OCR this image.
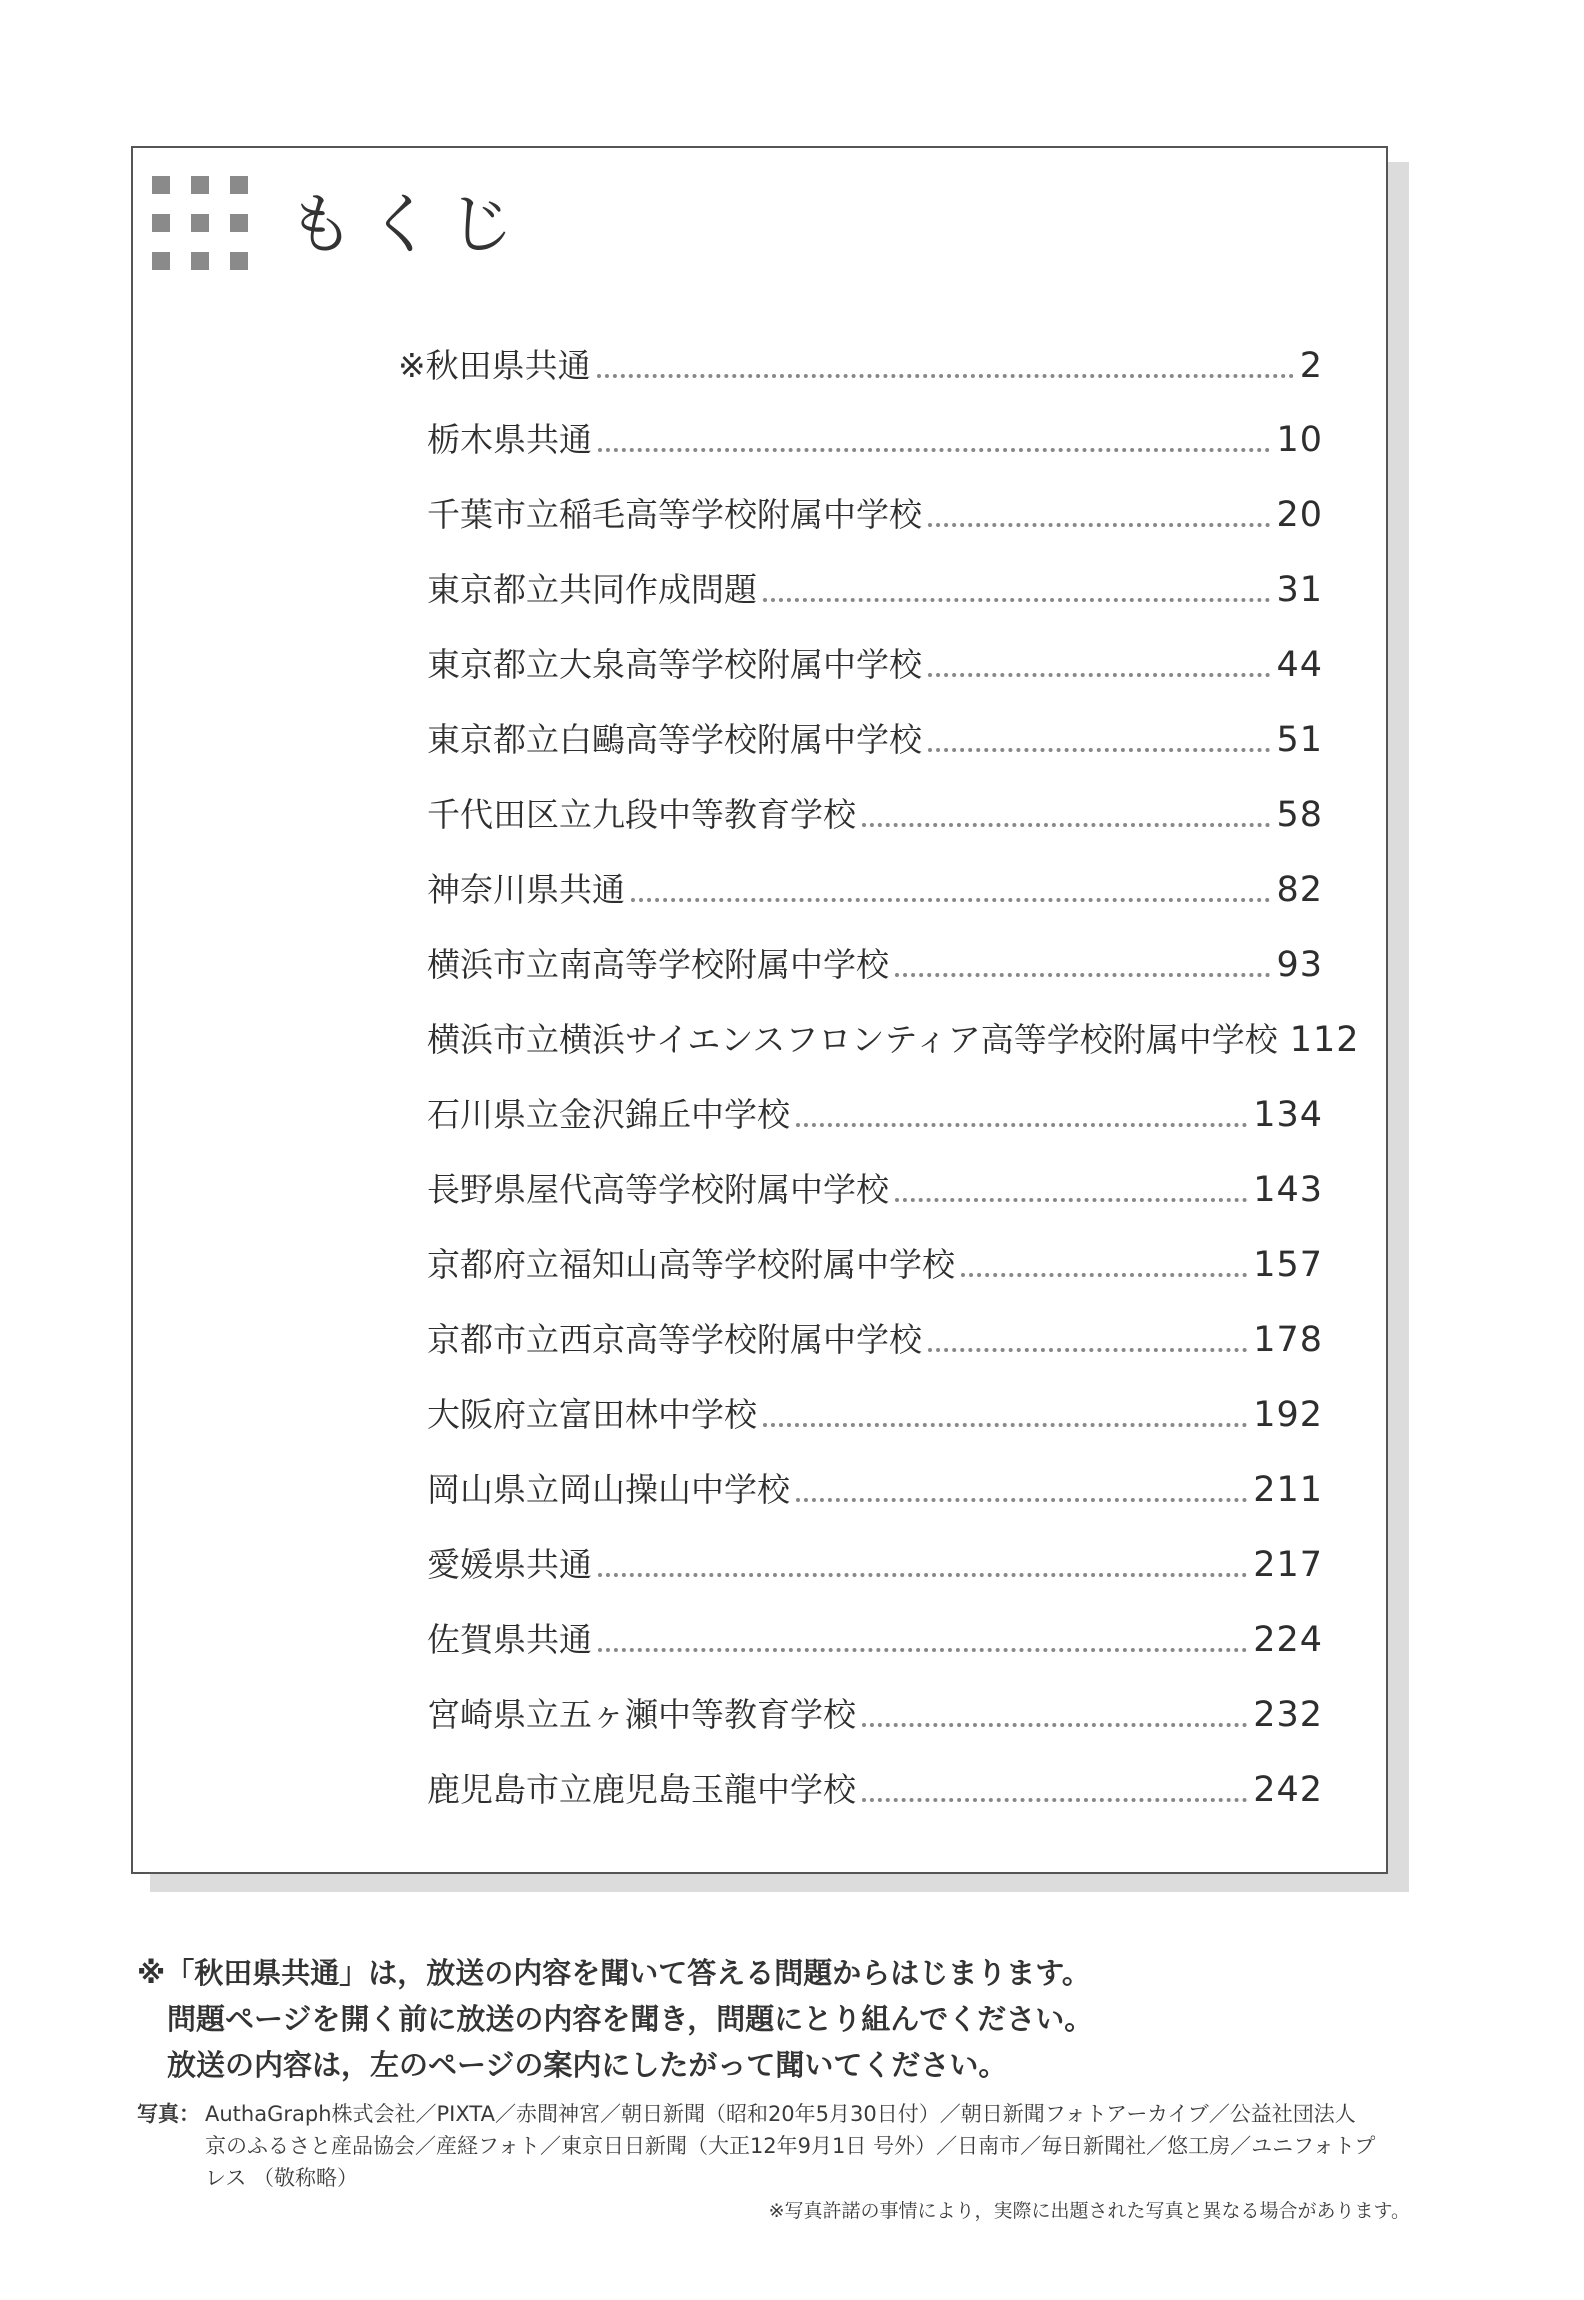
もくじ
※秋田県共通	2
栃木県共通	10
千葉市立稲毛高等学校附属中学校	20
東京都立共同作成問題	31
東京都立大泉高等学校附属中学校	44
東京都立白鷗高等学校附属中学校	51
千代田区立九段中等教育学校	58
神奈川県共通	82
横浜市立南高等学校附属中学校	93
横浜市立横浜サイエンスフロンティア高等学校附属中学校 112
石川県立金沢錦丘中学校	134
長野県屋代高等学校附属中学校	143
京都府立福知山高等学校附属中学校	157
京都市立西京高等学校附属中学校	178
大阪府立富田林中学校	192
岡山県立岡山操山中学校	211
愛媛県共通	217
佐賀県共通	224
宮崎県立五ヶ瀬中等教育学校	232
鹿児島市立鹿児島玉龍中学校	242
※「秋田県共通」は，放送の内容を聞いて答える問題からはじまります。
問題ページを開く前に放送の内容を聞き，問題にとり組んでください。
放送の内容は，左のページの案内にしたがって聞いてください。
写真： AuthaGraph株式会社／PIXTA／赤間神宮／朝日新聞（昭和20年5月30日付）／朝日新聞フォトアーカイブ／公益社団法人
京のふるさと産品協会／産経フォト／東京日日新聞（大正12年9月1日 号外）／日南市／毎日新聞社／悠工房／ユニフォトプ
レス （敬称略）
※写真許諾の事情により，実際に出題された写真と異なる場合があります。
